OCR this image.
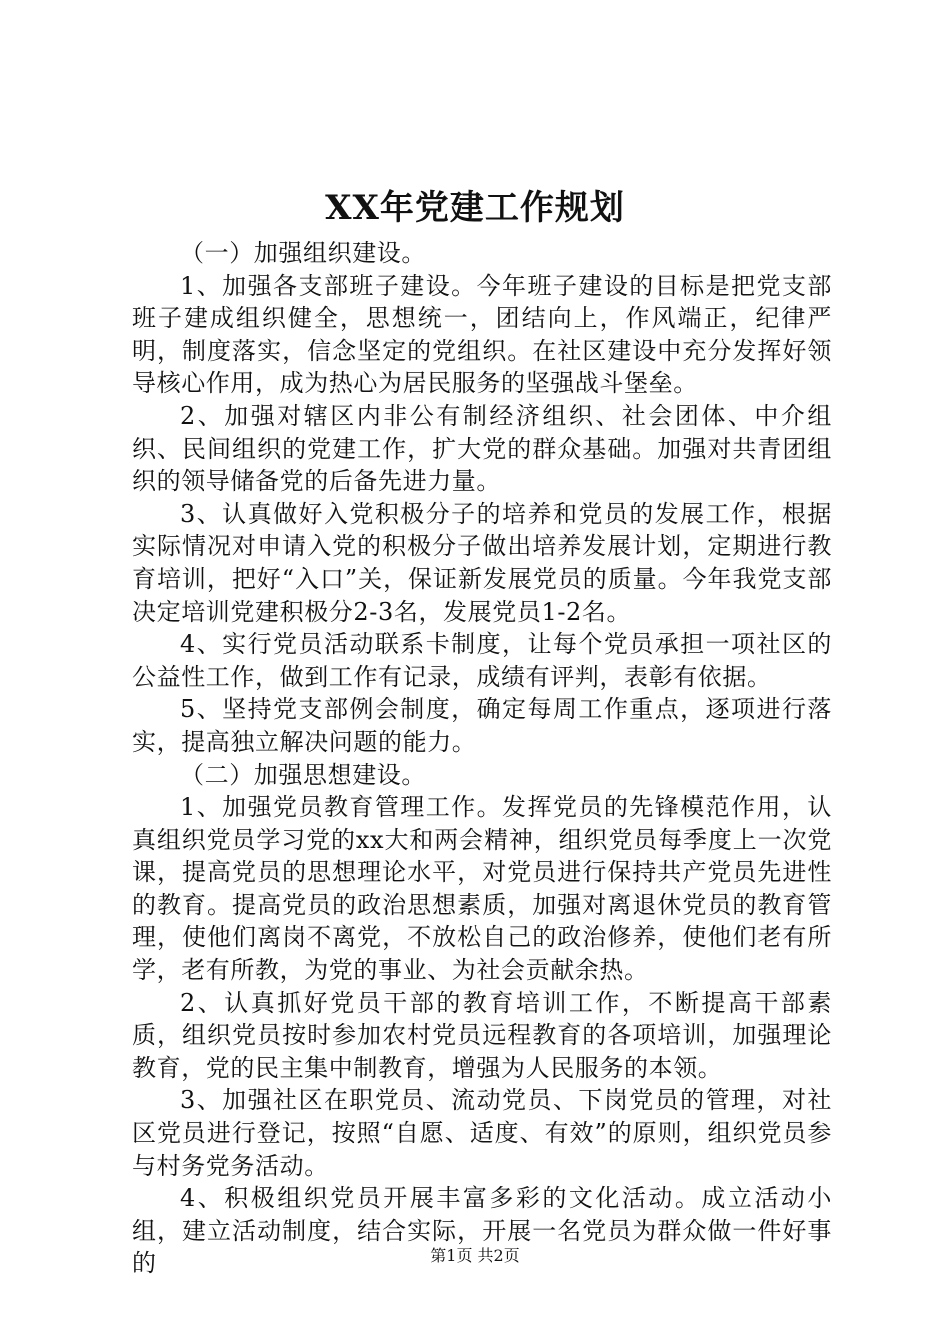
XX年党建工作规划

（一）加强组织建设。

1、加强各支部班子建设。今年班子建设的目标是把党支部班子建成组织健全，思想统一，团结向上，作风端正，纪律严明，制度落实，信念坚定的党组织。在社区建设中充分发挥好领导核心作用，成为热心为居民服务的坚强战斗堡垒。

2、加强对辖区内非公有制经济组织、社会团体、中介组织、民间组织的党建工作，扩大党的群众基础。加强对共青团组织的领导储备党的后备先进力量。

3、认真做好入党积极分子的培养和党员的发展工作，根据实际情况对申请入党的积极分子做出培养发展计划，定期进行教育培训，把好“入口”关，保证新发展党员的质量。今年我党支部决定培训党建积极分2-3名，发展党员1-2名。

4、实行党员活动联系卡制度，让每个党员承担一项社区的公益性工作，做到工作有记录，成绩有评判，表彰有依据。

5、坚持党支部例会制度，确定每周工作重点，逐项进行落实，提高独立解决问题的能力。

（二）加强思想建设。

1、加强党员教育管理工作。发挥党员的先锋模范作用，认真组织党员学习党的xx大和两会精神，组织党员每季度上一次党课，提高党员的思想理论水平，对党员进行保持共产党员先进性的教育。提高党员的政治思想素质，加强对离退休党员的教育管理，使他们离岗不离党，不放松自己的政治修养，使他们老有所学，老有所教，为党的事业、为社会贡献余热。

2、认真抓好党员干部的教育培训工作，不断提高干部素质，组织党员按时参加农村党员远程教育的各项培训，加强理论教育，党的民主集中制教育，增强为人民服务的本领。

3、加强社区在职党员、流动党员、下岗党员的管理，对社区党员进行登记，按照“自愿、适度、有效”的原则，组织党员参与村务党务活动。

4、积极组织党员开展丰富多彩的文化活动。成立活动小组，建立活动制度，结合实际，开展一名党员为群众做一件好事的	第1页 共2页
